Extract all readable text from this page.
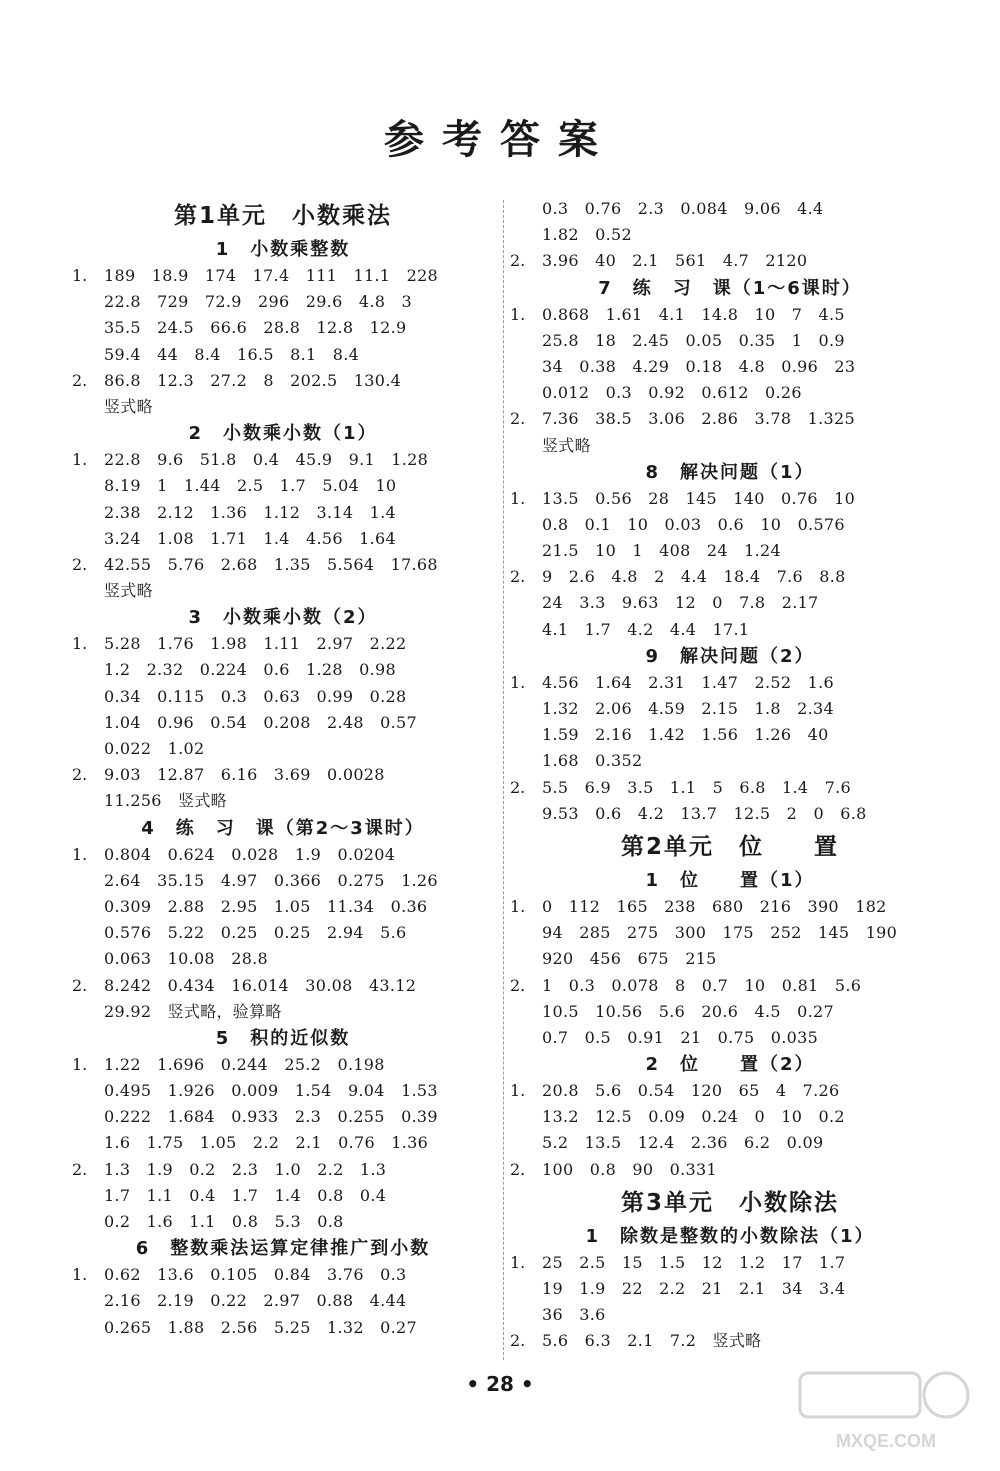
参考答案
第1单元　小数乘法
1　小数乘整数
1.	189　18.9　174　17.4　111　11.1　228
22.8　729　72.9　296　29.6　4.8　3
35.5　24.5　66.6　28.8　12.8　12.9
59.4　44　8.4　16.5　8.1　8.4
2.	86.8　12.3　27.2　8　202.5　130.4
竖式略
2　小数乘小数（1）
1.	22.8　9.6　51.8　0.4　45.9　9.1　1.28
8.19　1　1.44　2.5　1.7　5.04　10
2.38　2.12　1.36　1.12　3.14　1.4
3.24　1.08　1.71　1.4　4.56　1.64
2.	42.55　5.76　2.68　1.35　5.564　17.68
竖式略
3　小数乘小数（2）
1.	5.28　1.76　1.98　1.11　2.97　2.22
1.2　2.32　0.224　0.6　1.28　0.98
0.34　0.115　0.3　0.63　0.99　0.28
1.04　0.96　0.54　0.208　2.48　0.57
0.022　1.02
2.	9.03　12.87　6.16　3.69　0.0028
11.256　竖式略
4　练　习　课（第2～3课时）
1.	0.804　0.624　0.028　1.9　0.0204
2.64　35.15　4.97　0.366　0.275　1.26
0.309　2.88　2.95　1.05　11.34　0.36
0.576　5.22　0.25　0.25　2.94　5.6
0.063　10.08　28.8
2.	8.242　0.434　16.014　30.08　43.12
29.92　竖式略，验算略
5　积的近似数
1.	1.22　1.696　0.244　25.2　0.198
0.495　1.926　0.009　1.54　9.04　1.53
0.222　1.684　0.933　2.3　0.255　0.39
1.6　1.75　1.05　2.2　2.1　0.76　1.36
2.	1.3　1.9　0.2　2.3　1.0　2.2　1.3
1.7　1.1　0.4　1.7　1.4　0.8　0.4
0.2　1.6　1.1　0.8　5.3　0.8
6　整数乘法运算定律推广到小数
1.	0.62　13.6　0.105　0.84　3.76　0.3
2.16　2.19　0.22　2.97　0.88　4.44
0.265　1.88　2.56　5.25　1.32　0.27
0.3　0.76　2.3　0.084　9.06　4.4
1.82　0.52
2.	3.96　40　2.1　561　4.7　2120
7　练　习　课（1～6课时）
1.	0.868　1.61　4.1　14.8　10　7　4.5
25.8　18　2.45　0.05　0.35　1　0.9
34　0.38　4.29　0.18　4.8　0.96　23
0.012　0.3　0.92　0.612　0.26
2.	7.36　38.5　3.06　2.86　3.78　1.325
竖式略
8　解决问题（1）
1.	13.5　0.56　28　145　140　0.76　10
0.8　0.1　10　0.03　0.6　10　0.576
21.5　10　1　408　24　1.24
2.	9　2.6　4.8　2　4.4　18.4　7.6　8.8
24　3.3　9.63　12　0　7.8　2.17
4.1　1.7　4.2　4.4　17.1
9　解决问题（2）
1.	4.56　1.64　2.31　1.47　2.52　1.6
1.32　2.06　4.59　2.15　1.8　2.34
1.59　2.16　1.42　1.56　1.26　40
1.68　0.352
2.	5.5　6.9　3.5　1.1　5　6.8　1.4　7.6
9.53　0.6　4.2　13.7　12.5　2　0　6.8
第2单元　位　　置
1　位　　置（1）
1.	0　112　165　238　680　216　390　182
94　285　275　300　175　252　145　190
920　456　675　215
2.	1　0.3　0.078　8　0.7　10　0.81　5.6
10.5　10.56　5.6　20.6　4.5　0.27
0.7　0.5　0.91　21　0.75　0.035
2　位　　置（2）
1.	20.8　5.6　0.54　120　65　4　7.26
13.2　12.5　0.09　0.24　0　10　0.2
5.2　13.5　12.4　2.36　6.2　0.09
2.	100　0.8　90　0.331
第3单元　小数除法
1　除数是整数的小数除法（1）
1.	25　2.5　15　1.5　12　1.2　17　1.7
19　1.9　22　2.2　21　2.1　34　3.4
36　3.6
2.	5.6　6.3　2.1　7.2　竖式略
• 28 •
MXQE.COM
